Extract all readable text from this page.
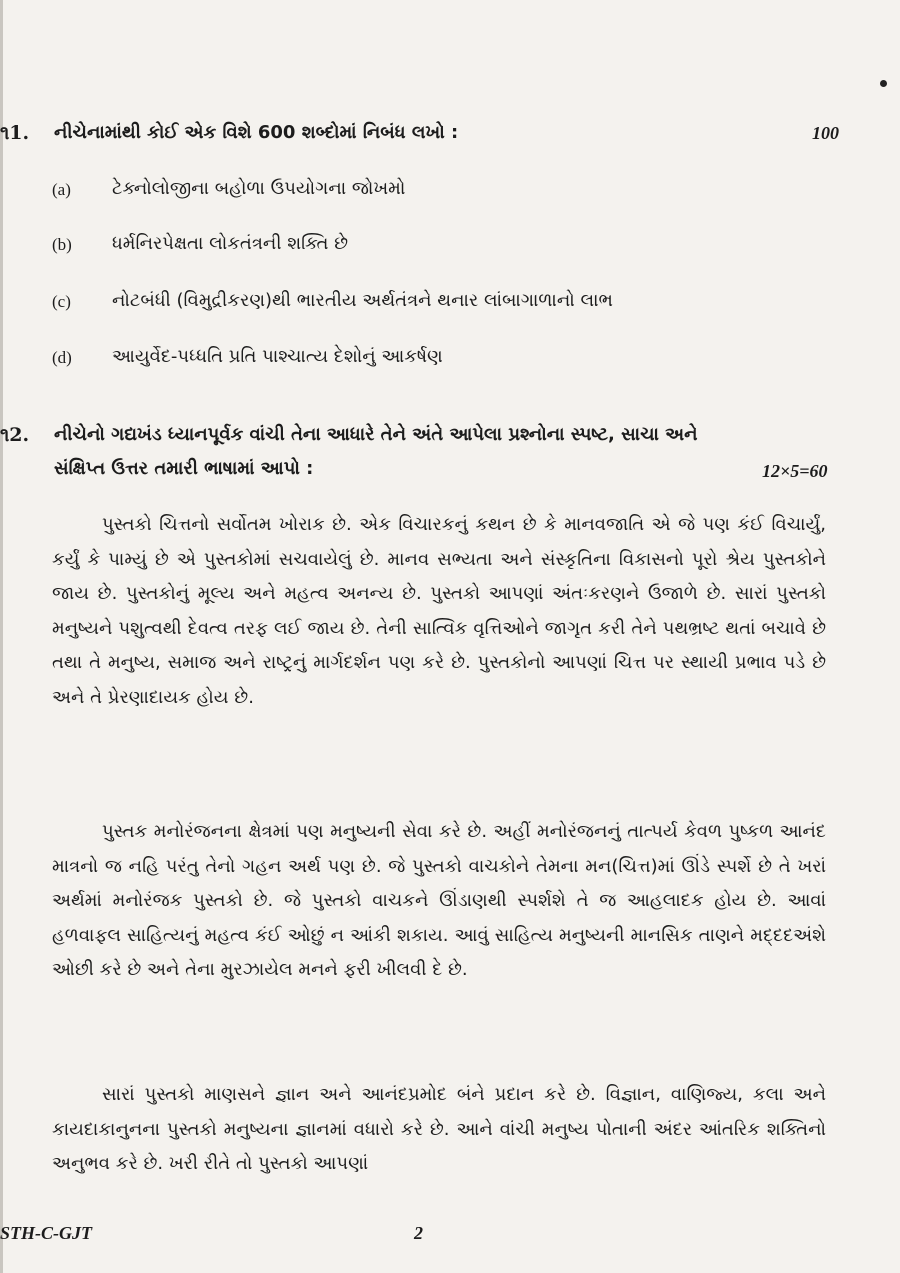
૧1. નીચેનામાંથી કોઈ એક વિશે 600 શબ્દોમાં નિબંધ લખો :	100
(a) ટેક્નોલોજીના બહોળા ઉપયોગના જોખમો
(b) ધર્મનિરપેક્ષતા લોકતંત્રની શક્તિ છે
(c) નોટબંધી (વિમુદ્રીકરણ)થી ભારતીય અર્થતંત્રને થનાર લાંબાગાળાનો લાભ
(d) આયુર્વેદ-પધ્ધતિ પ્રતિ પાશ્ચાત્ય દેશોનું આકર્ષણ
૧2. નીચેનો ગદ્યખંડ ધ્યાનપૂર્વક વાંચી તેના આધારે તેને અંતે આપેલા પ્રશ્નોના સ્પષ્ટ, સાચા અને
સંક્ષિપ્ત ઉત્તર તમારી ભાષામાં આપો :	12×5=60

પુસ્તકો ચિત્તનો સર્વોતમ ખોરાક છે. એક વિચારકનું કથન છે કે માનવજાતિ એ જે પણ કંઈ વિચાર્યું, કર્યું કે પામ્યું છે એ પુસ્તકોમાં સચવાયેલું છે. માનવ સભ્યતા અને સંસ્કૃતિના વિકાસનો પૂરો શ્રેય પુસ્તકોને જાય છે. પુસ્તકોનું મૂલ્ય અને મહત્વ અનન્ય છે. પુસ્તકો આપણાં અંતઃકરણને ઉજાળે છે. સારાં પુસ્તકો મનુષ્યને પશુત્વથી દેવત્વ તરફ લઈ જાય છે. તેની સાત્વિક વૃત્તિઓને જાગૃત કરી તેને પથભ્રષ્ટ થતાં બચાવે છે તથા તે મનુષ્ય, સમાજ અને રાષ્ટ્રનું માર્ગદર્શન પણ કરે છે. પુસ્તકોનો આપણાં ચિત્ત પર સ્થાયી પ્રભાવ પડે છે અને તે પ્રેરણાદાયક હોય છે.

પુસ્તક મનોરંજનના ક્ષેત્રમાં પણ મનુષ્યની સેવા કરે છે. અહીં મનોરંજનનું તાત્પર્ય કેવળ પુષ્કળ આનંદ માત્રનો જ નહિ પરંતુ તેનો ગહન અર્થ પણ છે. જે પુસ્તકો વાચકોને તેમના મન(ચિત્ત)માં ઊંડે સ્પર્શે છે તે ખરાં અર્થમાં મનોરંજક પુસ્તકો છે. જે પુસ્તકો વાચકને ઊંડાણથી સ્પર્શશે તે જ આહલાદક હોય છે. આવાં હળવાફલ સાહિત્યનું મહત્વ કંઈ ઓછું ન આંકી શકાય. આવું સાહિત્ય મનુષ્યની માનસિક તાણને મદ્દદઅંશે ઓછી કરે છે અને તેના મુરઝાયેલ મનને ફરી ખીલવી દે છે.

સારાં પુસ્તકો માણસને જ્ઞાન અને આનંદપ્રમોદ બંને પ્રદાન કરે છે. વિજ્ઞાન, વાણિજ્ય, કલા અને કાયદાકાનુનના પુસ્તકો મનુષ્યના જ્ઞાનમાં વધારો કરે છે. આને વાંચી મનુષ્ય પોતાની અંદર આંતરિક શક્તિનો અનુભવ કરે છે. ખરી રીતે તો પુસ્તકો આપણાં

STH-C-GJT	2
